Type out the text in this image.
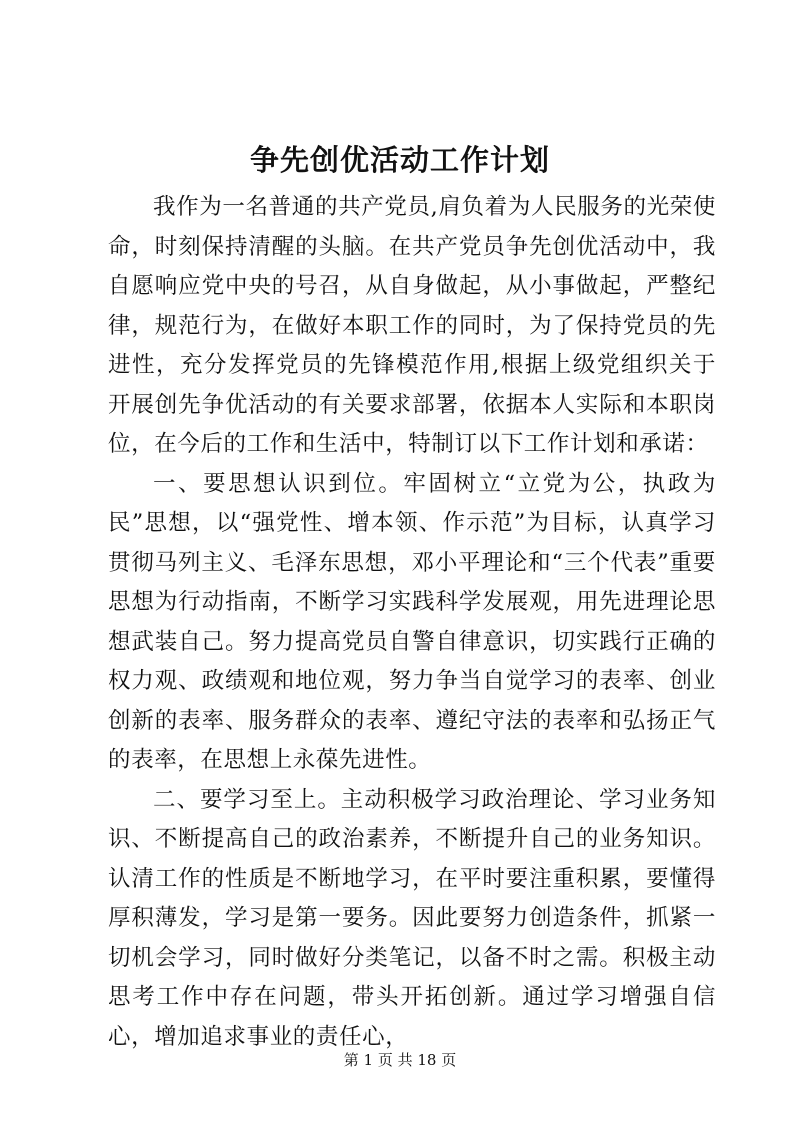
争先创优活动工作计划

我作为一名普通的共产党员,肩负着为人民服务的光荣使命，时刻保持清醒的头脑。在共产党员争先创优活动中，我自愿响应党中央的号召，从自身做起，从小事做起，严整纪律，规范行为，在做好本职工作的同时，为了保持党员的先进性，充分发挥党员的先锋模范作用,根据上级党组织关于开展创先争优活动的有关要求部署，依据本人实际和本职岗位，在今后的工作和生活中，特制订以下工作计划和承诺：

一、要思想认识到位。牢固树立“立党为公，执政为民”思想，以“强党性、增本领、作示范”为目标，认真学习贯彻马列主义、毛泽东思想，邓小平理论和“三个代表”重要思想为行动指南，不断学习实践科学发展观，用先进理论思想武装自己。努力提高党员自警自律意识，切实践行正确的权力观、政绩观和地位观，努力争当自觉学习的表率、创业创新的表率、服务群众的表率、遵纪守法的表率和弘扬正气的表率，在思想上永葆先进性。

二、要学习至上。主动积极学习政治理论、学习业务知识、不断提高自己的政治素养，不断提升自己的业务知识。认清工作的性质是不断地学习，在平时要注重积累，要懂得厚积薄发，学习是第一要务。因此要努力创造条件，抓紧一切机会学习，同时做好分类笔记，以备不时之需。积极主动思考工作中存在问题，带头开拓创新。通过学习增强自信心，增加追求事业的责任心，

第 1 页 共 18 页
